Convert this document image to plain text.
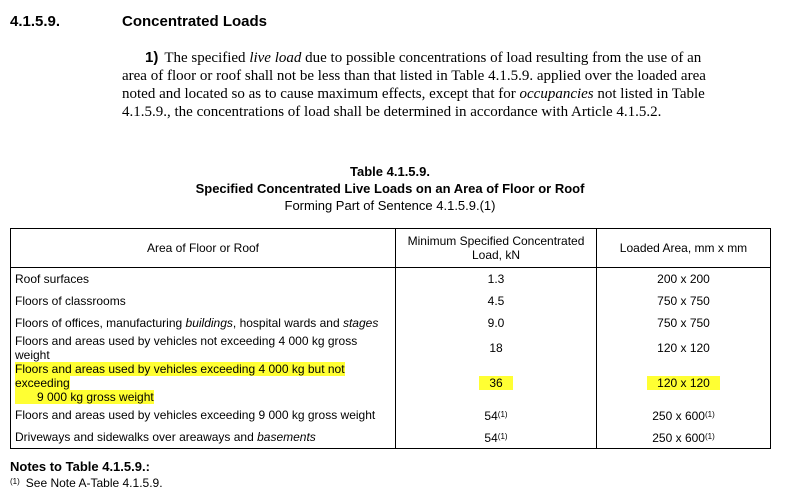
4.1.5.9.	Concentrated Loads
1) The specified live load due to possible concentrations of load resulting from the use of an area of floor or roof shall not be less than that listed in Table 4.1.5.9. applied over the loaded area noted and located so as to cause maximum effects, except that for occupancies not listed in Table 4.1.5.9., the concentrations of load shall be determined in accordance with Article 4.1.5.2.
Table 4.1.5.9.
Specified Concentrated Live Loads on an Area of Floor or Roof
Forming Part of Sentence 4.1.5.9.(1)
Area of Floor or Roof	Minimum Specified Concentrated Load, kN	Loaded Area, mm x mm
Roof surfaces	1.3	200 x 200
Floors of classrooms	4.5	750 x 750
Floors of offices, manufacturing buildings, hospital wards and stages	9.0	750 x 750
Floors and areas used by vehicles not exceeding 4 000 kg gross weight	18	120 x 120
Floors and areas used by vehicles exceeding 4 000 kg but not exceeding
9 000 kg gross weight	36	120 x 120
Floors and areas used by vehicles exceeding 9 000 kg gross weight	54$^{(1)}$	250 x 600$^{(1)}$
Driveways and sidewalks over areaways and basements	54$^{(1)}$	250 x 600$^{(1)}$
Notes to Table 4.1.5.9.:
$^{(1)}$ See Note A-Table 4.1.5.9.
